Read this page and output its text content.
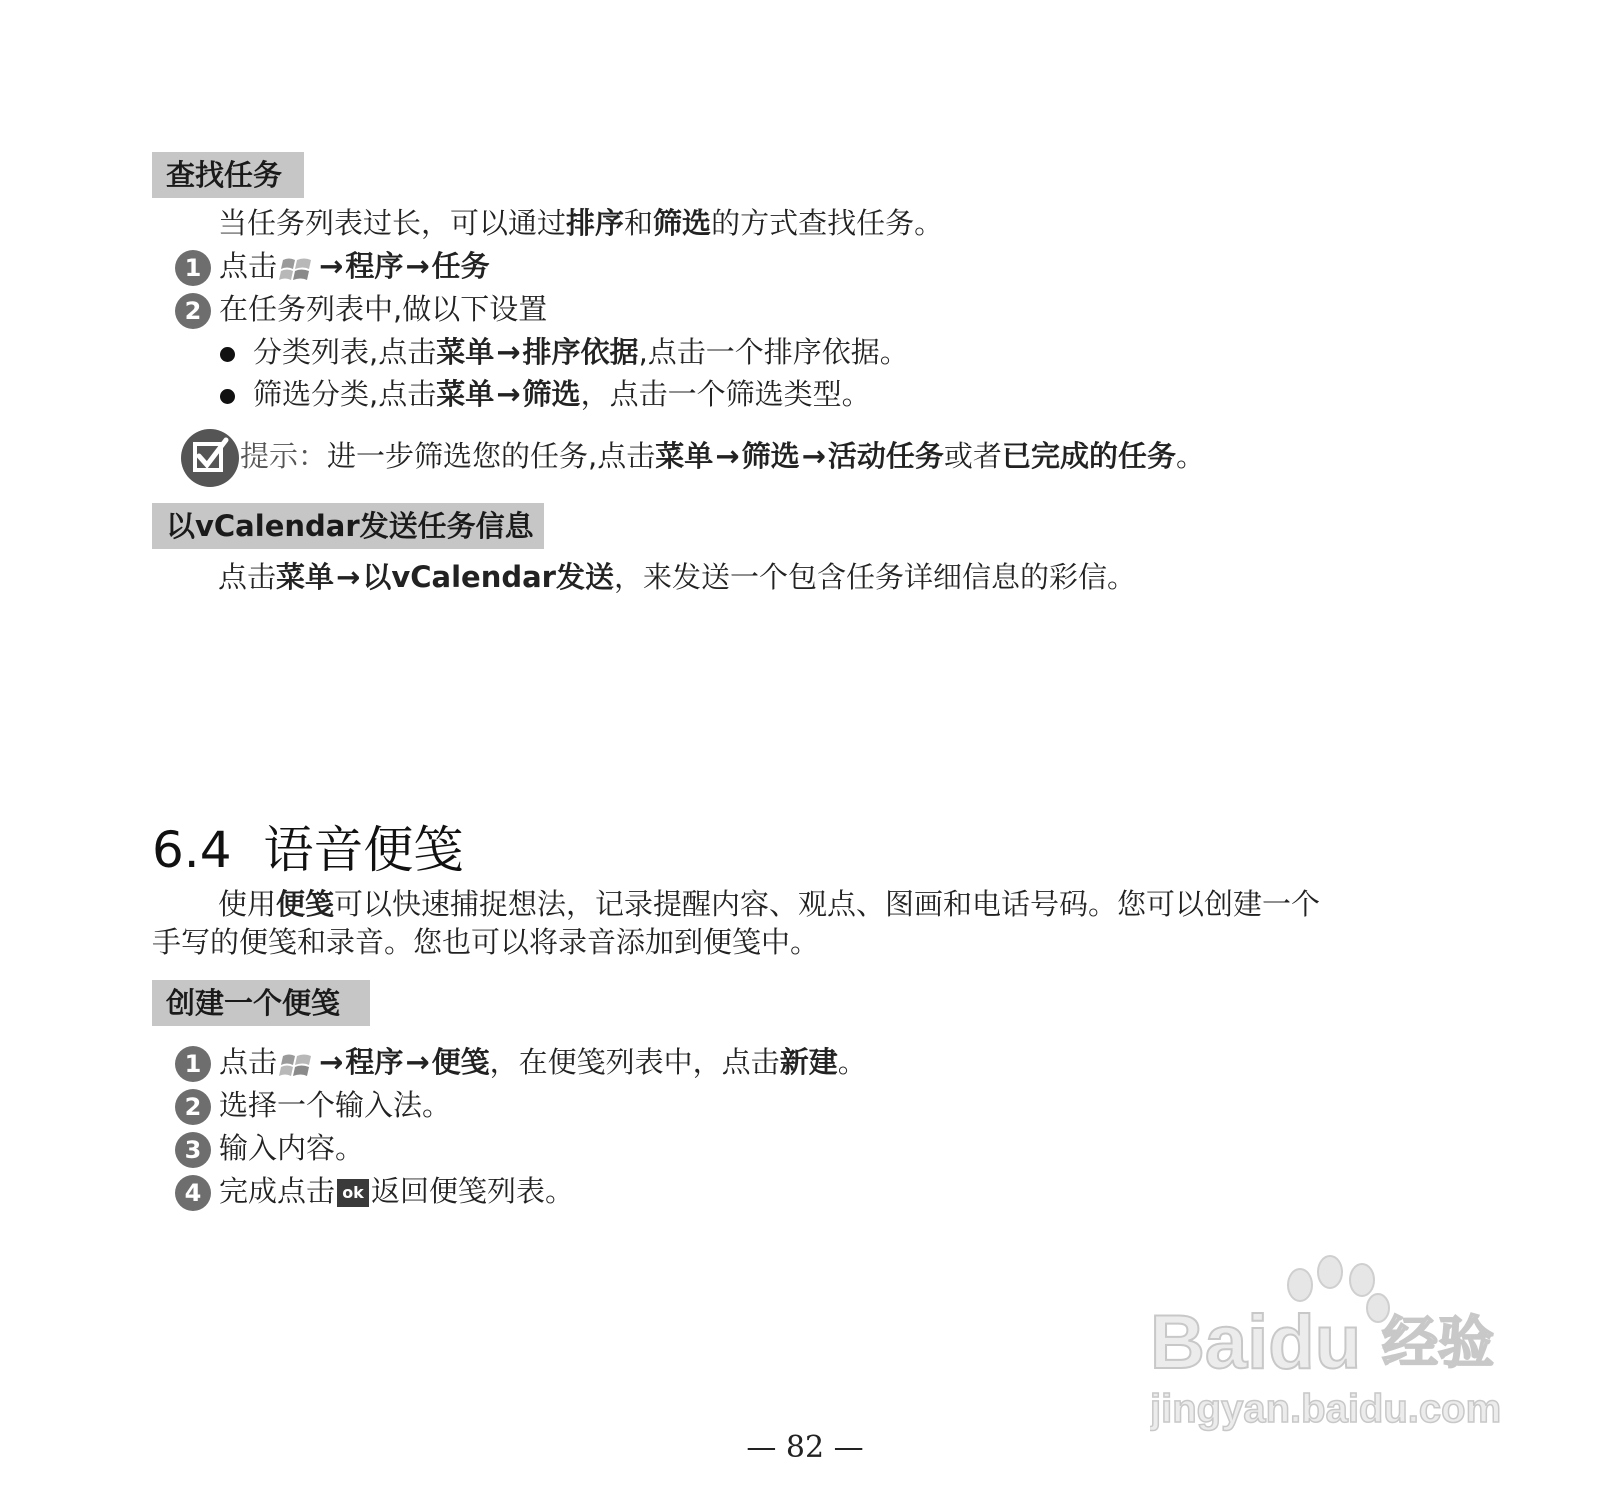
查找任务
当任务列表过长，可以通过排序和筛选的方式查找任务。
1 点击 →程序→任务
2 在任务列表中,做以下设置
分类列表,点击菜单→排序依据,点击一个排序依据。
筛选分类,点击菜单→筛选，点击一个筛选类型。
提示：进一步筛选您的任务,点击菜单→筛选→活动任务或者已完成的任务。
以vCalendar发送任务信息
点击菜单→以vCalendar发送，来发送一个包含任务详细信息的彩信。
6.4 语音便笺
使用便笺可以快速捕捉想法，记录提醒内容、观点、图画和电话号码。您可以创建一个
手写的便笺和录音。您也可以将录音添加到便笺中。
创建一个便笺
1 点击 →程序→便笺，在便笺列表中，点击新建。
2 选择一个输入法。
3 输入内容。
4 完成点击 ok 返回便笺列表。
Baidu 经验
jingyan.baidu.com
— 82 —
